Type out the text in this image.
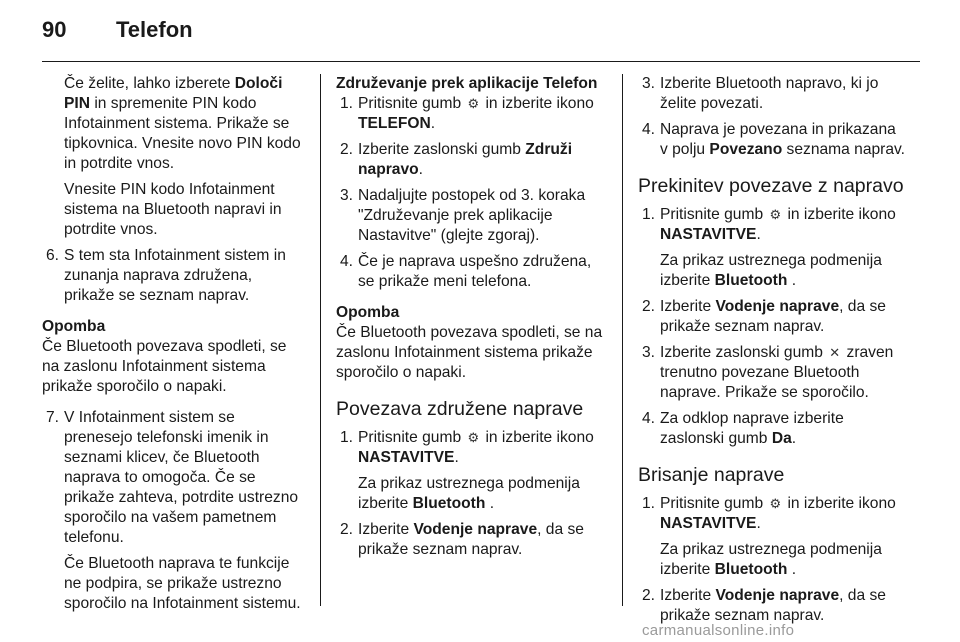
90 Telefon

Če želite, lahko izberete Določi PIN in spremenite PIN kodo Infotainment sistema. Prikaže se tipkovnica. Vnesite novo PIN kodo in potrdite vnos.

Vnesite PIN kodo Infotainment sistema na Bluetooth napravi in potrdite vnos.

6. S tem sta Infotainment sistem in zunanja naprava združena, prikaže se seznam naprav.

Opomba

Če Bluetooth povezava spodleti, se na zaslonu Infotainment sistema prikaže sporočilo o napaki.

7. V Infotainment sistem se prenesejo telefonski imenik in seznami klicev, če Bluetooth naprava to omogoča. Če se prikaže zahteva, potrdite ustrezno sporočilo na vašem pametnem telefonu.

Če Bluetooth naprava te funkcije ne podpira, se prikaže ustrezno sporočilo na Infotainment sistemu.

Združevanje prek aplikacije Telefon

1. Pritisnite gumb ⚙ in izberite ikono TELEFON.
2. Izberite zaslonski gumb Združi napravo.
3. Nadaljujte postopek od 3. koraka "Združevanje prek aplikacije Nastavitve" (glejte zgoraj).
4. Če je naprava uspešno združena, se prikaže meni telefona.

Opomba

Če Bluetooth povezava spodleti, se na zaslonu Infotainment sistema prikaže sporočilo o napaki.

Povezava združene naprave
1. Pritisnite gumb ⚙ in izberite ikono NASTAVITVE.

Za prikaz ustreznega podmenija izberite Bluetooth .

2. Izberite Vodenje naprave, da se prikaže seznam naprav.
3. Izberite Bluetooth napravo, ki jo želite povezati.
4. Naprava je povezana in prikazana v polju Povezano seznama naprav.
Prekinitev povezave z napravo
1. Pritisnite gumb ⚙ in izberite ikono NASTAVITVE.

Za prikaz ustreznega podmenija izberite Bluetooth .

2. Izberite Vodenje naprave, da se prikaže seznam naprav.
3. Izberite zaslonski gumb ✕ zraven trenutno povezane Bluetooth naprave. Prikaže se sporočilo.
4. Za odklop naprave izberite zaslonski gumb Da.
Brisanje naprave
1. Pritisnite gumb ⚙ in izberite ikono NASTAVITVE.

Za prikaz ustreznega podmenija izberite Bluetooth .

2. Izberite Vodenje naprave, da se prikaže seznam naprav.
carmanualsonline.info
